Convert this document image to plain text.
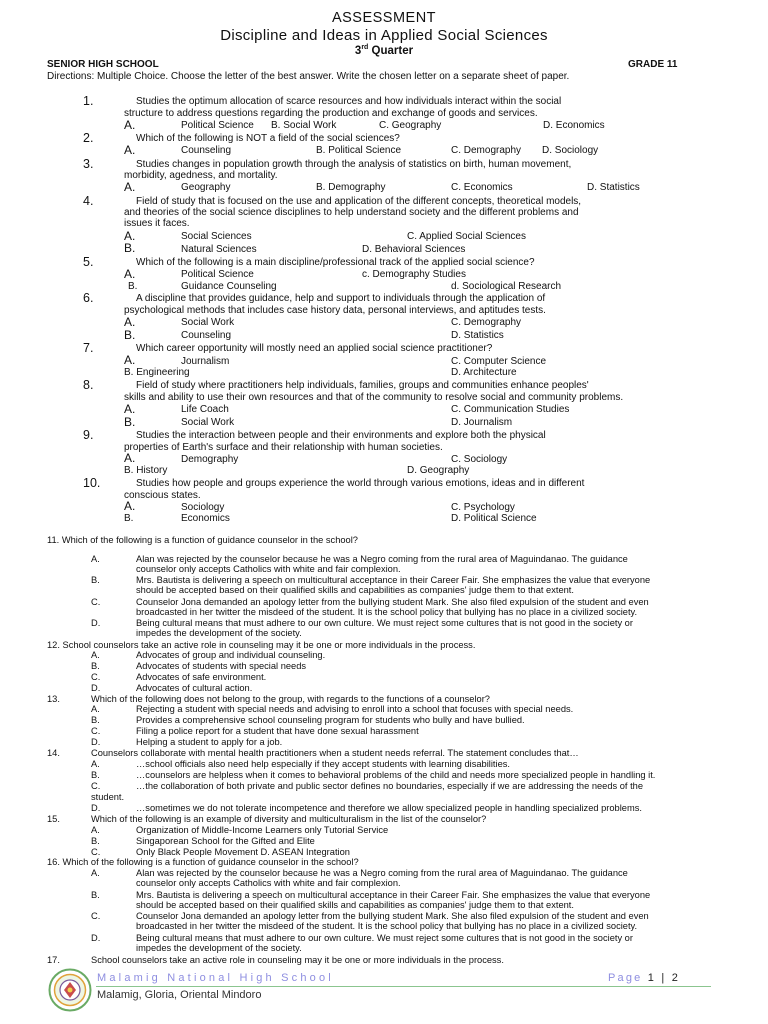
ASSESSMENT
Discipline and Ideas in Applied Social Sciences
3rd Quarter
SENIOR HIGH SCHOOL	GRADE 11
Directions: Multiple Choice. Choose the letter of the best answer. Write the chosen letter on a separate sheet of paper.
1.	Studies the optimum allocation of scarce resources and how individuals interact within the social
structure to address questions regarding the production and exchange of goods and services.
A.	Political Science B. Social Work	C. Geography	D. Economics
2.	Which of the following is NOT a field of the social sciences?
A.	Counseling	B. Political Science	C. Demography D. Sociology
3.	Studies changes in population growth through the analysis of statistics on birth, human movement,
morbidity, agedness, and mortality.
A.	Geography	B. Demography	C. Economics	D. Statistics
4.	Field of study that is focused on the use and application of the different concepts, theoretical models,
and theories of the social science disciplines to help understand society and the different problems and
issues it faces.
A.	Social Sciences	C. Applied Social Sciences
B.	Natural Sciences	D. Behavioral Sciences
5.	Which of the following is a main discipline/professional track of the applied social science?
A.	Political Science	c. Demography Studies
B.	Guidance Counseling	d. Sociological Research
6.	A discipline that provides guidance, help and support to individuals through the application of
psychological methods that includes case history data, personal interviews, and aptitudes tests.
A.	Social Work	C. Demography
B.	Counseling	D. Statistics
7.	Which career opportunity will mostly need an applied social science practitioner?
A.	Journalism	C. Computer Science
B. Engineering	D. Architecture
8.	Field of study where practitioners help individuals, families, groups and communities enhance peoples'
skills and ability to use their own resources and that of the community to resolve social and community problems.
A.	Life Coach	C. Communication Studies
B.	Social Work	D. Journalism
9.	Studies the interaction between people and their environments and explore both the physical
properties of Earth's surface and their relationship with human societies.
A.	Demography	C. Sociology
B. History	D. Geography
10.	Studies how people and groups experience the world through various emotions, ideas and in different
conscious states.
A.	Sociology	C. Psychology
B.	Economics	D. Political Science
11. Which of the following is a function of guidance counselor in the school?
A.	Alan was rejected by the counselor because he was a Negro coming from the rural area of Maguindanao. The guidance
counselor only accepts Catholics with white and fair complexion.
B.	Mrs. Bautista is delivering a speech on multicultural acceptance in their Career Fair. She emphasizes the value that everyone
should be accepted based on their qualified skills and capabilities as companies' judge them to that extent.
C.	Counselor Jona demanded an apology letter from the bullying student Mark. She also filed expulsion of the student and even
broadcasted in her twitter the misdeed of the student. It is the school policy that bullying has no place in a civilized society.
D.	Being cultural means that must adhere to our own culture. We must reject some cultures that is not good in the society or
impedes the development of the society.
12. School counselors take an active role in counseling may it be one or more individuals in the process.
A.	Advocates of group and individual counseling.
B.	Advocates of students with special needs
C.	Advocates of safe environment.
D.	Advocates of cultural action.
13.	Which of the following does not belong to the group, with regards to the functions of a counselor?
A.	Rejecting a student with special needs and advising to enroll into a school that focuses with special needs.
B.	Provides a comprehensive school counseling program for students who bully and have bullied.
C.	Filing a police report for a student that have done sexual harassment
D.	Helping a student to apply for a job.
14.	Counselors collaborate with mental health practitioners when a student needs referral. The statement concludes that…
A.	…school officials also need help especially if they accept students with learning disabilities.
B.	…counselors are helpless when it comes to behavioral problems of the child and needs more specialized people in handling it.
C.	…the collaboration of both private and public sector defines no boundaries, especially if we are addressing the needs of the
student.
D.	…sometimes we do not tolerate incompetence and therefore we allow specialized people in handling specialized problems.
15.	Which of the following is an example of diversity and multiculturalism in the list of the counselor?
A.	Organization of Middle-Income Learners only Tutorial Service
B.	Singaporean School for the Gifted and Elite
C.	Only Black People Movement D. ASEAN Integration
16. Which of the following is a function of guidance counselor in the school?
A.	Alan was rejected by the counselor because he was a Negro coming from the rural area of Maguindanao. The guidance
counselor only accepts Catholics with white and fair complexion.
B.	Mrs. Bautista is delivering a speech on multicultural acceptance in their Career Fair. She emphasizes the value that everyone
should be accepted based on their qualified skills and capabilities as companies' judge them to that extent.
C.	Counselor Jona demanded an apology letter from the bullying student Mark. She also filed expulsion of the student and even
broadcasted in her twitter the misdeed of the student. It is the school policy that bullying has no place in a civilized society.
D.	Being cultural means that must adhere to our own culture. We must reject some cultures that is not good in the society or
impedes the development of the society.
17.	School counselors take an active role in counseling may it be one or more individuals in the process.
Malamig National High School
Malamig, Gloria, Oriental Mindoro
Page 1 | 2
